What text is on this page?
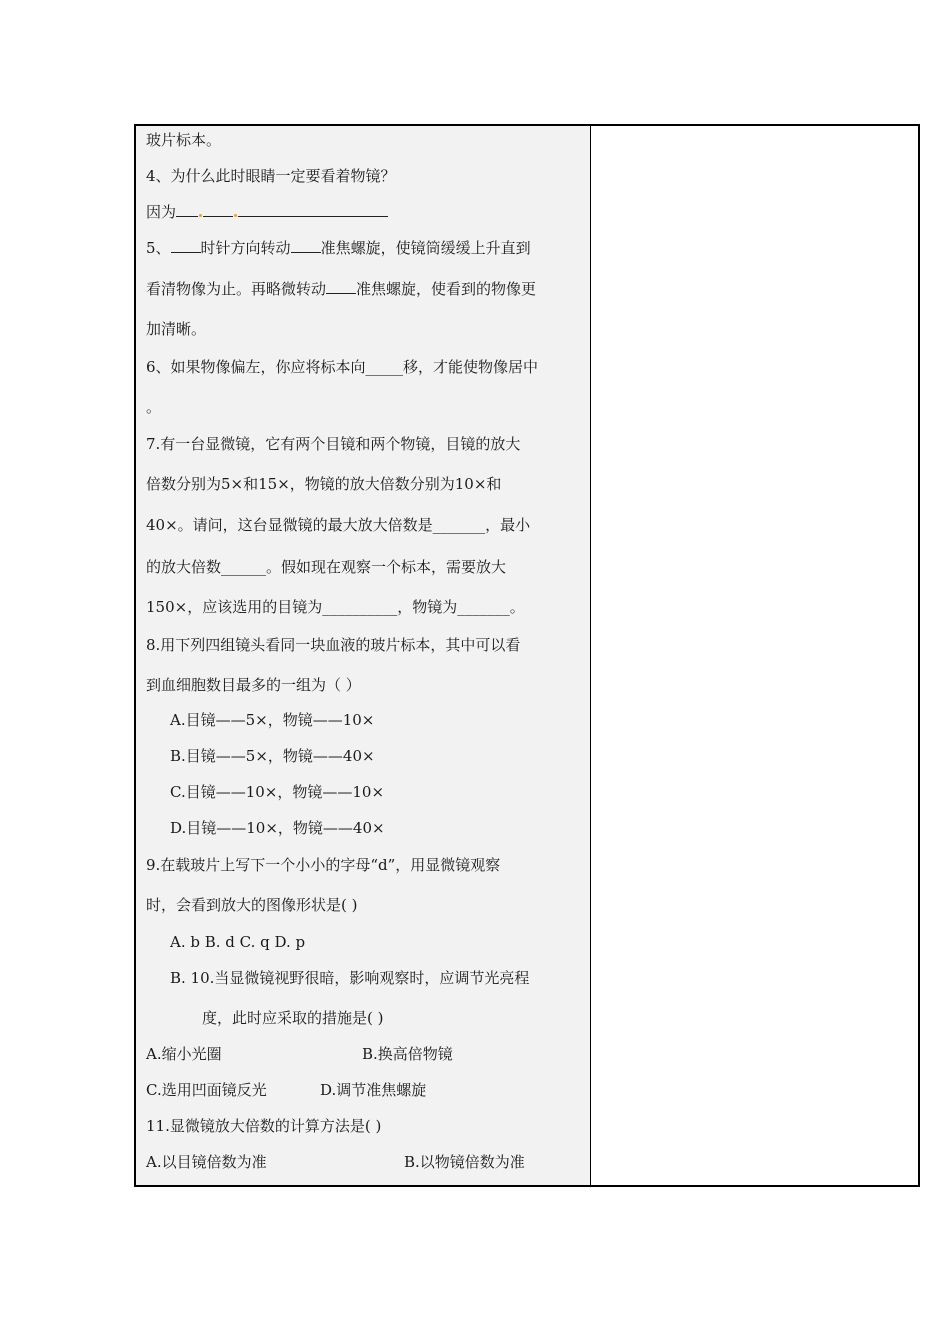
玻片标本。
4、为什么此时眼睛一定要看着物镜？
因为
5、 时针方向转动 准焦螺旋，使镜筒缓缓上升直到
看清物像为止。再略微转动 准焦螺旋，使看到的物像更
加清晰。
6、如果物像偏左，你应将标本向_____移，才能使物像居中
。
7.有一台显微镜，它有两个目镜和两个物镜，目镜的放大
倍数分别为5×和15×，物镜的放大倍数分别为10×和
40×。请问，这台显微镜的最大放大倍数是_______，最小
的放大倍数______。假如现在观察一个标本，需要放大
150×，应该选用的目镜为__________，物镜为_______。
8.用下列四组镜头看同一块血液的玻片标本，其中可以看
到血细胞数目最多的一组为（ ）
A.目镜——5×，物镜——10×
B.目镜——5×，物镜——40×
C.目镜——10×，物镜——10×
D.目镜——10×，物镜——40×
9.在载玻片上写下一个小小的字母“d”，用显微镜观察
时，会看到放大的图像形状是( )
A. b B. d C. q D. p
B. 10.当显微镜视野很暗，影响观察时，应调节光亮程
度，此时应采取的措施是( )
A.缩小光圈	B.换高倍物镜
C.选用凹面镜反光	D.调节准焦螺旋
11.显微镜放大倍数的计算方法是( )
A.以目镜倍数为准	B.以物镜倍数为准
